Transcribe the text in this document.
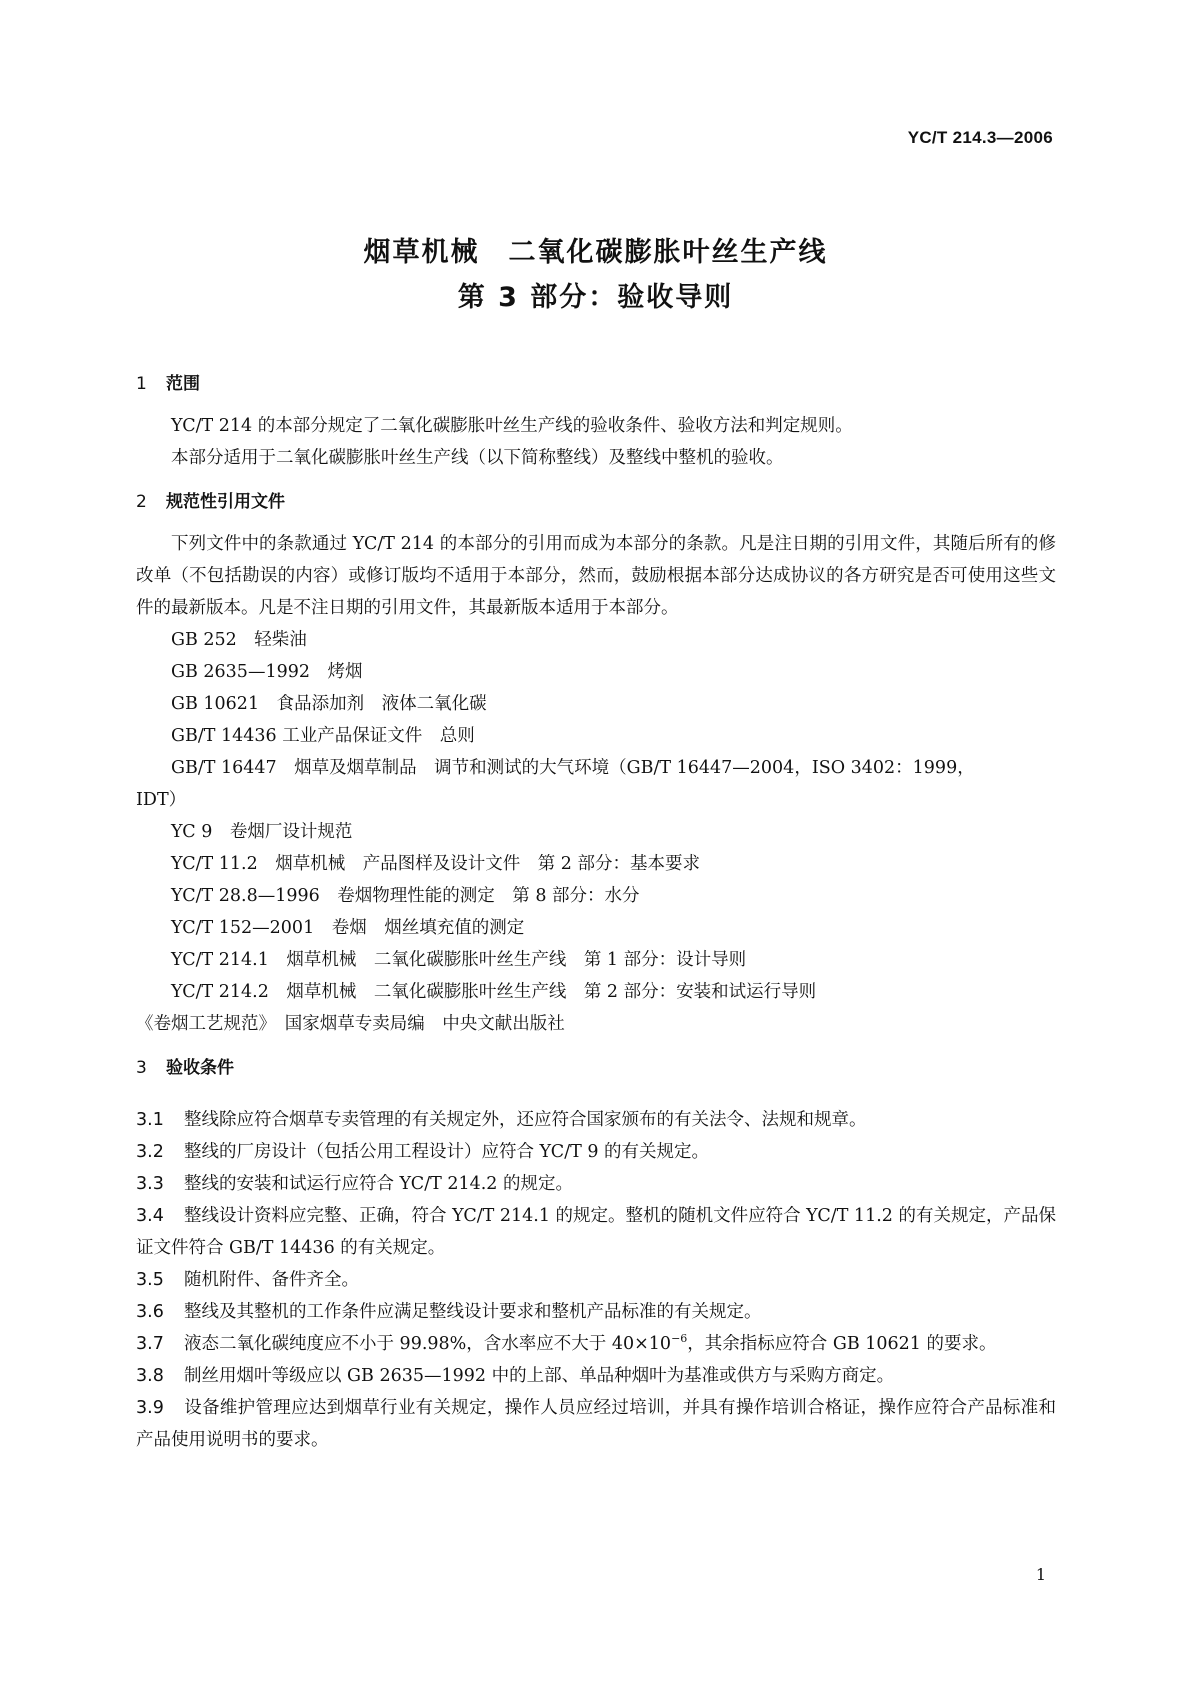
YC/T 214.3—2006

烟草机械　二氧化碳膨胀叶丝生产线
第 3 部分：验收导则
1 范围

YC/T 214 的本部分规定了二氧化碳膨胀叶丝生产线的验收条件、验收方法和判定规则。

本部分适用于二氧化碳膨胀叶丝生产线（以下简称整线）及整线中整机的验收。

2 规范性引用文件

下列文件中的条款通过 YC/T 214 的本部分的引用而成为本部分的条款。凡是注日期的引用文件，其随后所有的修改单（不包括勘误的内容）或修订版均不适用于本部分，然而，鼓励根据本部分达成协议的各方研究是否可使用这些文件的最新版本。凡是不注日期的引用文件，其最新版本适用于本部分。

GB 252　轻柴油

GB 2635—1992　烤烟

GB 10621　食品添加剂　液体二氧化碳

GB/T 14436 工业产品保证文件　总则

GB/T 16447　烟草及烟草制品　调节和测试的大气环境（GB/T 16447—2004，ISO 3402：1999，

IDT）

YC 9　卷烟厂设计规范

YC/T 11.2　烟草机械　产品图样及设计文件　第 2 部分：基本要求

YC/T 28.8—1996　卷烟物理性能的测定　第 8 部分：水分

YC/T 152—2001　卷烟　烟丝填充值的测定

YC/T 214.1　烟草机械　二氧化碳膨胀叶丝生产线　第 1 部分：设计导则

YC/T 214.2　烟草机械　二氧化碳膨胀叶丝生产线　第 2 部分：安装和试运行导则

《卷烟工艺规范》　国家烟草专卖局编　中央文献出版社

3 验收条件

3.1 整线除应符合烟草专卖管理的有关规定外，还应符合国家颁布的有关法令、法规和规章。

3.2 整线的厂房设计（包括公用工程设计）应符合 YC/T 9 的有关规定。

3.3 整线的安装和试运行应符合 YC/T 214.2 的规定。

3.4 整线设计资料应完整、正确，符合 YC/T 214.1 的规定。整机的随机文件应符合 YC/T 11.2 的有关规定，产品保证文件符合 GB/T 14436 的有关规定。

3.5 随机附件、备件齐全。

3.6 整线及其整机的工作条件应满足整线设计要求和整机产品标准的有关规定。

3.7 液态二氧化碳纯度应不小于 99.98%，含水率应不大于 $40\times 10^{-6}$，其余指标应符合 GB 10621 的要求。

3.8 制丝用烟叶等级应以 GB 2635—1992 中的上部、单品种烟叶为基准或供方与采购方商定。

3.9 设备维护管理应达到烟草行业有关规定，操作人员应经过培训，并具有操作培训合格证，操作应符合产品标准和产品使用说明书的要求。

1
